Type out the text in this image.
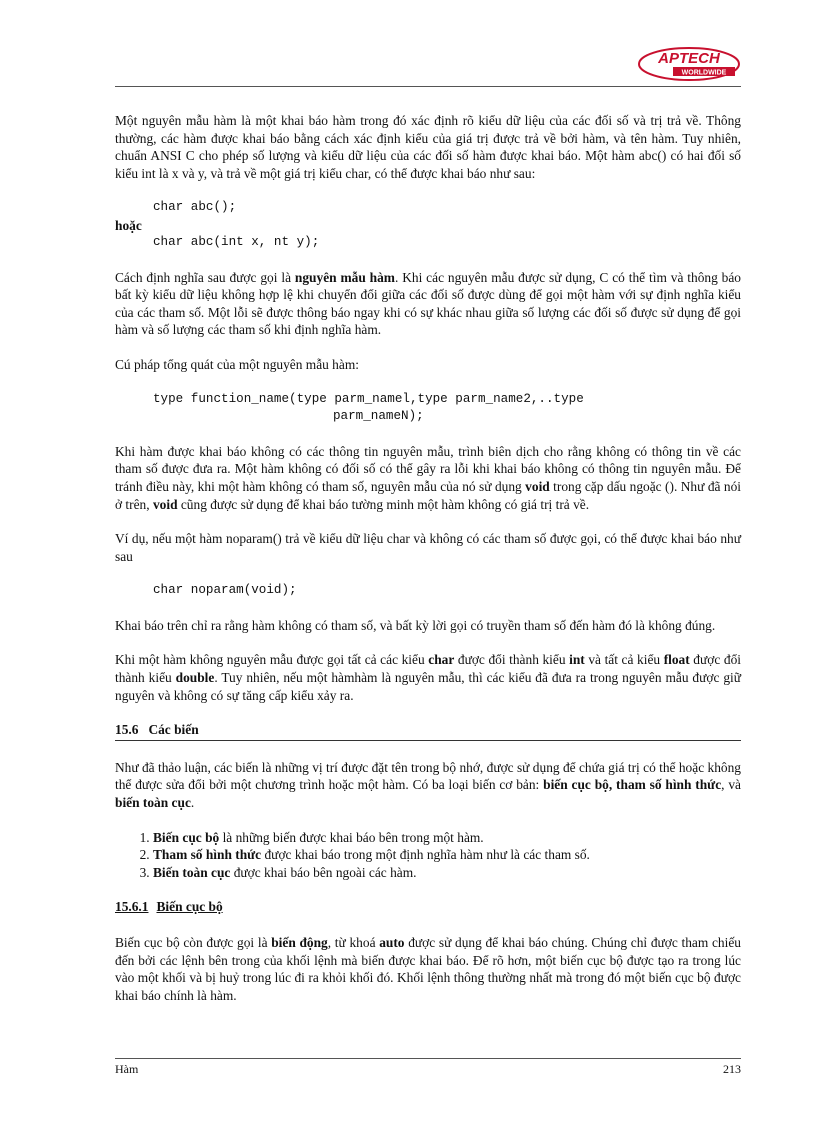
APTECH
WORLDWIDE

Một nguyên mẫu hàm là một khai báo hàm trong đó xác định rõ kiểu dữ liệu của các đối số và trị trả về. Thông thường, các hàm được khai báo bằng cách xác định kiểu của giá trị được trả về bởi hàm, và tên hàm. Tuy nhiên, chuẩn ANSI C cho phép số lượng và kiểu dữ liệu của các đối số hàm được khai báo. Một hàm abc() có hai đối số kiểu int là x và y, và trả về một giá trị kiểu char, có thể được khai báo như sau:

char abc();
hoặc
char abc(int x, nt y);

Cách định nghĩa sau được gọi là nguyên mẫu hàm. Khi các nguyên mẫu được sử dụng, C có thể tìm và thông báo bất kỳ kiểu dữ liệu không hợp lệ khi chuyển đổi giữa các đối số được dùng để gọi một hàm với sự định nghĩa kiểu của các tham số. Một lỗi sẽ được thông báo ngay khi có sự khác nhau giữa số lượng các đối số được sử dụng để gọi hàm và số lượng các tham số khi định nghĩa hàm.

Cú pháp tổng quát của một nguyên mẫu hàm:

type function_name(type parm_namel,type parm_name2,..type
parm_nameN);

Khi hàm được khai báo không có các thông tin nguyên mẫu, trình biên dịch cho rằng không có thông tin về các tham số được đưa ra. Một hàm không có đối số có thể gây ra lỗi khi khai báo không có thông tin nguyên mẫu. Để tránh điều này, khi một hàm không có tham số, nguyên mẫu của nó sử dụng void trong cặp dấu ngoặc (). Như đã nói ở trên, void cũng được sử dụng để khai báo tường minh một hàm không có giá trị trả về.

Ví dụ, nếu một hàm noparam() trả về kiểu dữ liệu char và không có các tham số được gọi, có thể được khai báo như sau

char noparam(void);

Khai báo trên chỉ ra rằng hàm không có tham số, và bất kỳ lời gọi có truyền tham số đến hàm đó là không đúng.

Khi một hàm không nguyên mẫu được gọi tất cả các kiểu char được đổi thành kiểu int và tất cả kiểu float được đổi thành kiểu double. Tuy nhiên, nếu một hàmhàm là nguyên mẫu, thì các kiểu đã đưa ra trong nguyên mẫu được giữ nguyên và không có sự tăng cấp kiểu xảy ra.

15.6 Các biến

Như đã thảo luận, các biến là những vị trí được đặt tên trong bộ nhớ, được sử dụng để chứa giá trị có thể hoặc không thể được sửa đổi bởi một chương trình hoặc một hàm. Có ba loại biến cơ bản: biến cục bộ, tham số hình thức, và biến toàn cục.

1. Biến cục bộ là những biến được khai báo bên trong một hàm.
2. Tham số hình thức được khai báo trong một định nghĩa hàm như là các tham số.
3. Biến toàn cục được khai báo bên ngoài các hàm.
15.6.1 Biến cục bộ

Biến cục bộ còn được gọi là biến động, từ khoá auto được sử dụng để khai báo chúng. Chúng chỉ được tham chiếu đến bởi các lệnh bên trong của khối lệnh mà biến được khai báo. Để rõ hơn, một biến cục bộ được tạo ra trong lúc vào một khối và bị huỷ trong lúc đi ra khỏi khối đó. Khối lệnh thông thường nhất mà trong đó một biến cục bộ được khai báo chính là hàm.

Hàm	213
